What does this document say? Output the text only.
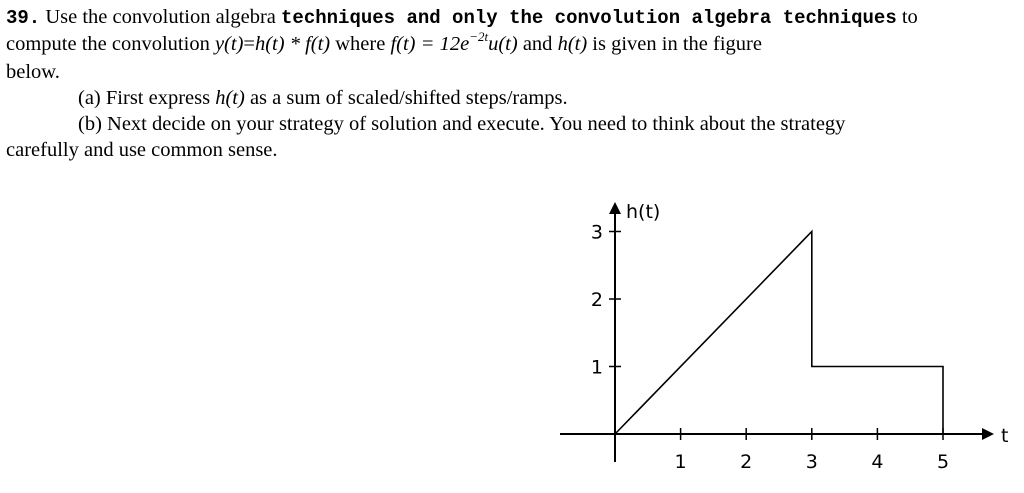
39. Use the convolution algebra techniques and only the convolution algebra techniques to
compute the convolution y(t)=h(t) * f(t) where $f(t) = 12e^{-2t}u(t)$ and h(t) is given in the figure
below.
(a) First express h(t) as a sum of scaled/shifted steps/ramps.
(b) Next decide on your strategy of solution and execute. You need to think about the strategy
carefully and use common sense.
h(t)
t
1	2	3	4	5
1
2
3
